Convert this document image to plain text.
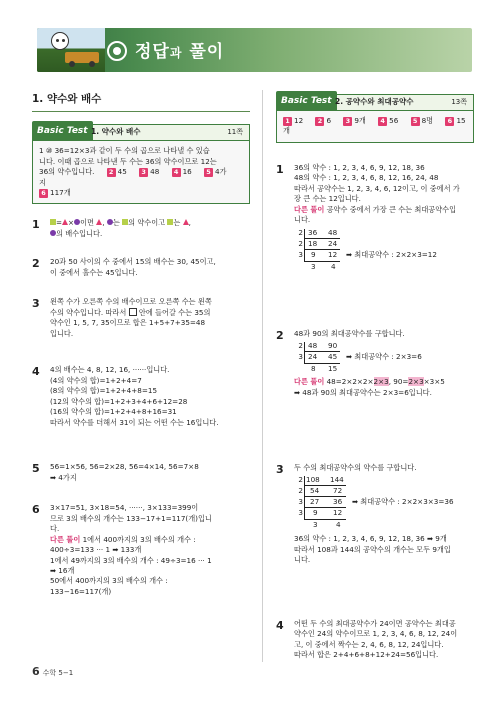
정답과 풀이
1. 약수와 배수
Basic Test 1. 약수와 배수	11쪽
1 ⑩ 36=12×3과 같이 두 수의 곱으로 나타낼 수 있습
니다. 이때 곱으로 나타낸 두 수는 36의 약수이므로 12는
36의 약수입니다. 2 45 3 48 4 16 5 4가지
6 117개
1	= × 이면 , 는 의 약수이고 는 ,
의 배수입니다.
2 20과 50 사이의 수 중에서 15의 배수는 30, 45이고,
이 중에서 홀수는 45입니다.
3 왼쪽 수가 오른쪽 수의 배수이므로 오른쪽 수는 왼쪽
수의 약수입니다. 따라서 안에 들어갈 수는 35의
약수인 1, 5, 7, 35이므로 합은 1+5+7+35=48
입니다.
4 4의 배수는 4, 8, 12, 16, ······입니다.
(4의 약수의 합)=1+2+4=7
(8의 약수의 합)=1+2+4+8=15
(12의 약수의 합)=1+2+3+4+6+12=28
(16의 약수의 합)=1+2+4+8+16=31
따라서 약수를 더해서 31이 되는 어떤 수는 16입니다.
5 56=1×56, 56=2×28, 56=4×14, 56=7×8
➡ 4가지
6 3×17=51, 3×18=54, ······, 3×133=399이
므로 3의 배수의 개수는 133−17+1=117(개)입니
다.
다른 풀이 1에서 400까지의 3의 배수의 개수 :
400÷3=133 ··· 1 ➡ 133개
1에서 49까지의 3의 배수의 개수 : 49÷3=16 ··· 1
➡ 16개
50에서 400까지의 3의 배수의 개수 :
133−16=117(개)
Basic Test 2. 공약수와 최대공약수	13쪽
1 12 2 6 3 9개 4 56 5 8명 6 15개
1 36의 약수 : 1, 2, 3, 4, 6, 9, 12, 18, 36
48의 약수 : 1, 2, 3, 4, 6, 8, 12, 16, 24, 48
따라서 공약수는 1, 2, 3, 4, 6, 12이고, 이 중에서 가
장 큰 수는 12입니다.
다른 풀이 공약수 중에서 가장 큰 수는 최대공약수입
니다.
2 36 48
2 18 24
3 9 12
3 4
➡ 최대공약수 : 2×2×3=12
2 48과 90의 최대공약수를 구합니다.
2 48 90
3 24 45
8 15
➡ 최대공약수 : 2×3=6
다른 풀이 48=2×2×2×2×3, 90=2×3×3×5
➡ 48과 90의 최대공약수는 2×3=6입니다.
3 두 수의 최대공약수의 약수를 구합니다.
2 108 144
2 54 72
3 27 36
3 9 12
3	4
➡ 최대공약수 : 2×2×3×3=36
36의 약수 : 1, 2, 3, 4, 6, 9, 12, 18, 36 ➡ 9개
따라서 108과 144의 공약수의 개수는 모두 9개입
니다.
4 어떤 두 수의 최대공약수가 24이면 공약수는 최대공
약수인 24의 약수이므로 1, 2, 3, 4, 6, 8, 12, 24이
고, 이 중에서 짝수는 2, 4, 6, 8, 12, 24입니다.
따라서 합은 2+4+6+8+12+24=56입니다.
6 수학 5−1
